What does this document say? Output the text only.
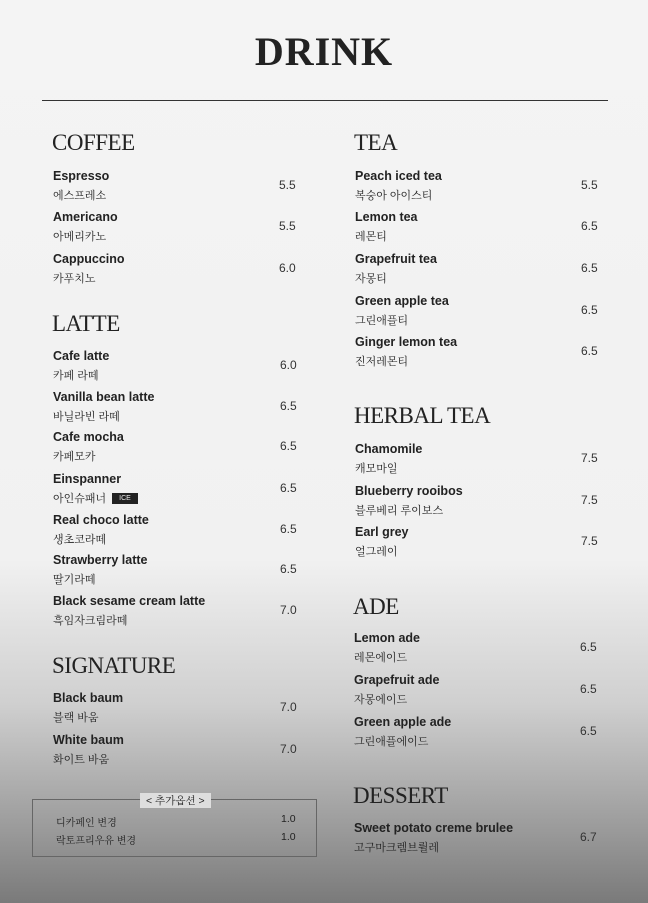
DRINK
COFFEE
Espresso
에스프레소
5.5
Americano
아메리카노
5.5
Cappuccino
카푸치노
6.0
LATTE
Cafe latte
카페 라떼
6.0
Vanilla bean latte
바닐라빈 라떼
6.5
Cafe mocha
카페모카
6.5
Einspanner
아인슈패너	ICE
6.5
Real choco latte
생초코라떼
6.5
Strawberry latte
딸기라떼
6.5
Black sesame cream latte
흑임자크림라떼
7.0
SIGNATURE
Black baum
블랙 바움
7.0
White baum
화이트 바움
7.0
< 추가옵션 >
디카페인 변경	1.0
락토프리우유 변경	1.0
TEA
Peach iced tea
복숭아 아이스티
5.5
Lemon tea
레몬티
6.5
Grapefruit tea
자몽티
6.5
Green apple tea
그린애플티
6.5
Ginger lemon tea
진저레몬티
6.5
HERBAL TEA
Chamomile
캐모마일
7.5
Blueberry rooibos
블루베리 루이보스
7.5
Earl grey
얼그레이
7.5
ADE
Lemon ade
레몬에이드
6.5
Grapefruit ade
자몽에이드
6.5
Green apple ade
그린애플에이드
6.5
DESSERT
Sweet potato creme brulee
고구마크렘브륄레
6.7
